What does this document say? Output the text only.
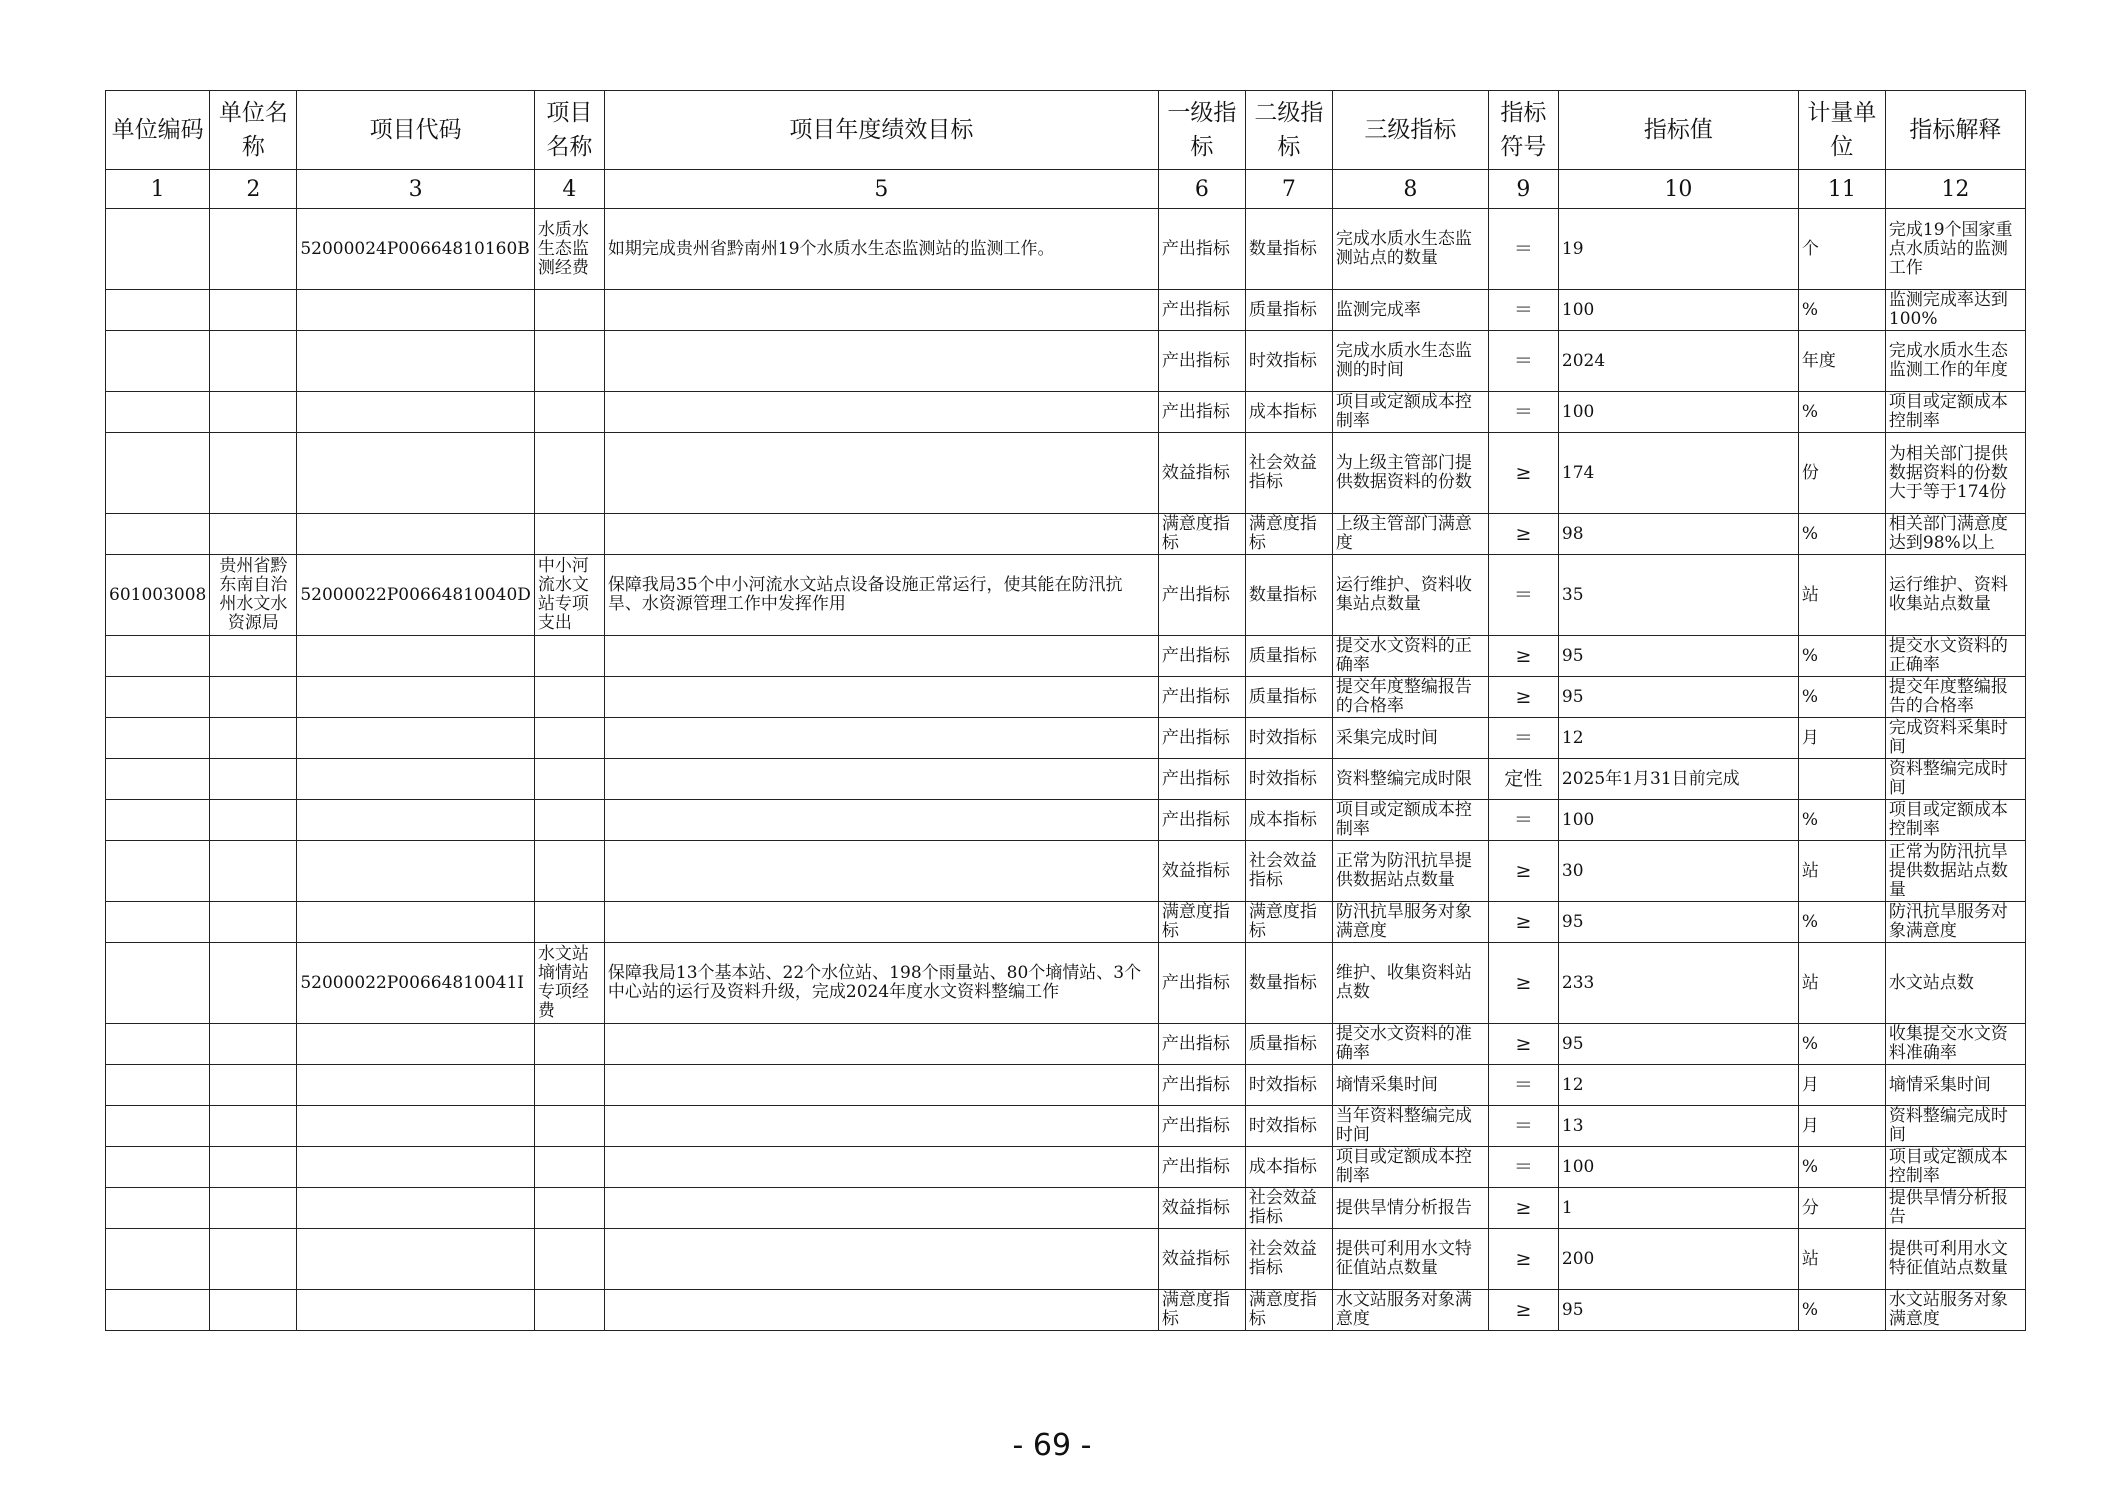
单位编码	单位名称	项目代码	项目名称	项目年度绩效目标	一级指标	二级指标	三级指标	指标符号	指标值	计量单位	指标解释
1	2	3	4	5	6	7	8	9	10	11	12
		52000024P00664810160B	水质水生态监测经费	如期完成贵州省黔南州19个水质水生态监测站的监测工作。	产出指标	数量指标	完成水质水生态监测站点的数量	＝	19	个	完成19个国家重点水质站的监测工作
					产出指标	质量指标	监测完成率	＝	100	%	监测完成率达到100%
					产出指标	时效指标	完成水质水生态监测的时间	＝	2024	年度	完成水质水生态监测工作的年度
					产出指标	成本指标	项目或定额成本控制率	＝	100	%	项目或定额成本控制率
					效益指标	社会效益指标	为上级主管部门提供数据资料的份数	≥	174	份	为相关部门提供数据资料的份数大于等于174份
					满意度指标	满意度指标	上级主管部门满意度	≥	98	%	相关部门满意度达到98%以上
601003008	贵州省黔东南自治州水文水资源局	52000022P00664810040D	中小河流水文站专项支出	保障我局35个中小河流水文站点设备设施正常运行，使其能在防汛抗旱、水资源管理工作中发挥作用	产出指标	数量指标	运行维护、资料收集站点数量	＝	35	站	运行维护、资料收集站点数量
					产出指标	质量指标	提交水文资料的正确率	≥	95	%	提交水文资料的正确率
					产出指标	质量指标	提交年度整编报告的合格率	≥	95	%	提交年度整编报告的合格率
					产出指标	时效指标	采集完成时间	＝	12	月	完成资料采集时间
					产出指标	时效指标	资料整编完成时限	定性	2025年1月31日前完成		资料整编完成时间
					产出指标	成本指标	项目或定额成本控制率	＝	100	%	项目或定额成本控制率
					效益指标	社会效益指标	正常为防汛抗旱提供数据站点数量	≥	30	站	正常为防汛抗旱提供数据站点数量
					满意度指标	满意度指标	防汛抗旱服务对象满意度	≥	95	%	防汛抗旱服务对象满意度
		52000022P00664810041I	水文站墒情站专项经费	保障我局13个基本站、22个水位站、198个雨量站、80个墒情站、3个中心站的运行及资料升级，完成2024年度水文资料整编工作	产出指标	数量指标	维护、收集资料站点数	≥	233	站	水文站点数
					产出指标	质量指标	提交水文资料的准确率	≥	95	%	收集提交水文资料准确率
					产出指标	时效指标	墒情采集时间	＝	12	月	墒情采集时间
					产出指标	时效指标	当年资料整编完成时间	＝	13	月	资料整编完成时间
					产出指标	成本指标	项目或定额成本控制率	＝	100	%	项目或定额成本控制率
					效益指标	社会效益指标	提供旱情分析报告	≥	1	分	提供旱情分析报告
					效益指标	社会效益指标	提供可利用水文特征值站点数量	≥	200	站	提供可利用水文特征值站点数量
					满意度指标	满意度指标	水文站服务对象满意度	≥	95	%	水文站服务对象满意度
- 69 -
